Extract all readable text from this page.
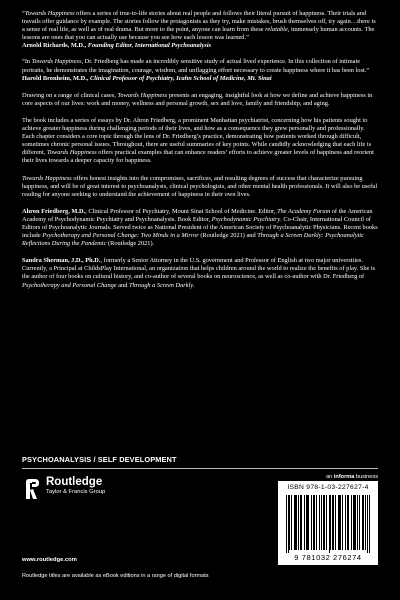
“Towards Happiness offers a series of true-to-life stories about real people and follows their literal pursuit of happiness. Their trials and travails offer guidance by example. The stories follow the protagonists as they try, make mistakes, brush themselves off, try again…there is a sense of real life, as well as of real drama. But more to the point, anyone can learn from these relatable, immensely human accounts. The lessons are ones that you can actually use because you see how each lesson was learned.”

Arnold Richards, M.D., Founding Editor, International Psychoanalysis

“In Towards Happiness, Dr. Friedberg has made an incredibly sensitive study of actual lived experience. In this collection of intimate portraits, he demonstrates the imagination, courage, wisdom, and unflagging effort necessary to create happiness where it has been lost.”

Harold Bronheim, M.D., Clinical Professor of Psychiatry, Icahn School of Medicine, Mt. Sinai

Drawing on a range of clinical cases, Towards Happiness presents an engaging, insightful look at how we define and achieve happiness in core aspects of our lives: work and money, wellness and personal growth, sex and love, family and friendship, and aging.

The book includes a series of essays by Dr. Ahron Friedberg, a prominent Manhattan psychiatrist, concerning how his patients sought to achieve greater happiness during challenging periods of their lives, and how as a consequence they grew personally and professionally. Each chapter considers a core topic through the lens of Dr. Friedberg’s practice, demonstrating how patients worked through difficult, sometimes chronic personal issues. Throughout, there are useful summaries of key points. While candidly acknowledging that each life is different, Towards Happiness offers practical examples that can enhance readers’ efforts to achieve greater levels of happiness and reorient their lives towards a deeper capacity for happiness.

Towards Happiness offers honest insights into the compromises, sacrifices, and resulting degrees of success that characterize pursuing happiness, and will be of great interest to psychoanalysts, clinical psychologists, and other mental health professionals. It will also be useful reading for anyone seeking to understand the achievement of happiness in their own lives.

Ahron Friedberg, M.D., Clinical Professor of Psychiatry, Mount Sinai School of Medicine. Editor, The Academy Forum of the American Academy of Psychodynamic Psychiatry and Psychoanalysis. Book Editor, Psychodynamic Psychiatry. Co-Chair, International Council of Editors of Psychoanalytic Journals. Served twice as National President of the American Society of Psychoanalytic Physicians. Recent books include Psychotherapy and Personal Change: Two Minds in a Mirror (Routledge 2021) and Through a Screen Darkly: Psychoanalytic Reflections During the Pandemic (Routledge 2021).

Sandra Sherman, J.D., Ph.D., formerly a Senior Attorney in the U.S. government and Professor of English at two major universities. Currently, a Principal at ChildsPlay International, an organization that helps children around the world to realize the benefits of play. She is the author of four books on cultural history, and co-author of several books on neuroscience, as well as co-author with Dr. Friedberg of Psychotherapy and Personal Change and Through a Screen Darkly.

PSYCHOANALYSIS / SELF DEVELOPMENT
an informa business
Routledge
Taylor & Francis Group
ISBN 978-1-03-227627-4
9 781032 276274
www.routledge.com
Routledge titles are available as eBook editions in a range of digital formats
